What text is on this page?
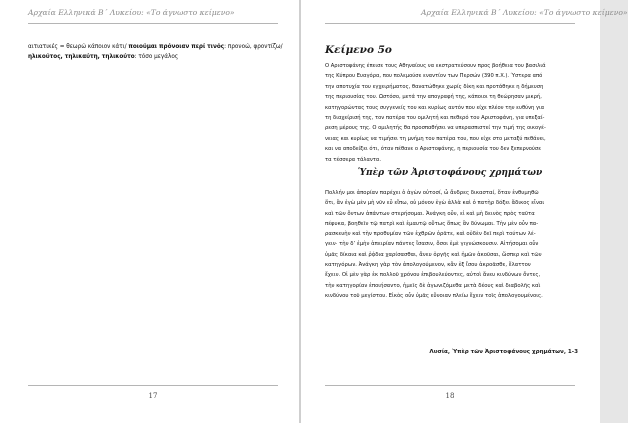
Αρχαία Ελληνικά Β΄ Λυκείου: «Το άγνωστο κείμενο»
αιτιατικές = θεωρώ κάποιον κάτι/ ποιούμαι πρόνοιαν περί τινός: προνοώ, φροντίζω/
ηλικούτος, τηλικαύτη, τηλικούτο: τόσο μεγάλος
17
Αρχαία Ελληνικά Β΄ Λυκείου: «Το άγνωστο κείμενο»
Κείμενο 5ο
Ο Αριστοφάνης έπεισε τους Αθηναίους να εκστρατεύσουν προς βοήθεια του βασιλιά
της Κύπρου Ευαγόρα, που πολεμούσε εναντίον των Περσών (390 π.Χ.). Ύστερα από
την αποτυχία του εγχειρήματος, θανατώθηκε χωρίς δίκη και προτάθηκε η δήμευση
της περιουσίας του. Ωστόσο, μετά την απογραφή της, κάποιοι τη θεώρησαν μικρή,
κατηγορώντας τους συγγενείς του και κυρίως αυτόν που είχε πλέον την ευθύνη για
τη διαχείρισή της, τον πατέρα του ομιλητή και πεθερό του Αριστοφάνη, για υπεξαί-
ρεση μέρους της. Ο ομιλητής θα προσπαθήσει να υπερασπιστεί την τιμή της οικογέ-
νειας και κυρίως να τιμήσει τη μνήμη του πατέρα του, που είχε στο μεταξύ πεθάνει,
και να αποδείξει ότι, όταν πέθανε ο Αριστοφάνης, η περιουσία του δεν ξεπερνούσε
τα τέσσερα τάλαντα.
Ὑπὲρ τῶν Ἀριστοφάνους χρημάτων
Πολλήν μοι ἀπορίαν παρέχει ὁ ἀγὼν οὑτοσί, ὦ ἄνδρες δικασταί, ὅταν ἐνθυμηθῶ
ὅτι, ἂν ἐγὼ μὲν μὴ νῦν εὖ εἴπω, οὐ μόνον ἐγὼ ἀλλὰ καὶ ὁ πατὴρ δόξει ἄδικος εἶναι
καὶ τῶν ὄντων ἁπάντων στερήσομαι. Ἀνάγκη οὖν, εἰ καὶ μὴ δεινὸς πρὸς ταῦτα
πέφυκα, βοηθεῖν τῷ πατρὶ καὶ ἐμαυτῷ οὕτως ὅπως ἂν δύνωμαι. Τὴν μὲν οὖν πα-
ρασκευὴν καὶ τὴν προθυμίαν τῶν ἐχθρῶν ὁρᾶτε, καὶ οὐδὲν δεῖ περὶ τούτων λέ-
γειν· τὴν δ’ ἐμὴν ἀπειρίαν πάντες ἴσασιν, ὅσοι ἐμὲ γιγνώσκουσιν. Αἰτήσομαι οὖν
ὑμᾶς δίκαια καὶ ῥᾴδια χαρίσασθαι, ἄνευ ὀργῆς καὶ ἡμῶν ἀκοῦσαι, ὥσπερ καὶ τῶν
κατηγόρων. Ἀνάγκη γὰρ τὸν ἀπολογούμενον, κἂν ἐξ ἴσου ἀκροᾶσθε, ἔλαττον
ἔχειν. Οἱ μὲν γὰρ ἐκ πολλοῦ χρόνου ἐπιβουλεύοντες, αὐτοὶ ἄνευ κινδύνων ὄντες,
τὴν κατηγορίαν ἐποιήσαντο, ἡμεῖς δὲ ἀγωνιζόμεθα μετὰ δέους καὶ διαβολῆς καὶ
κινδύνου τοῦ μεγίστου. Εἰκὸς οὖν ὑμᾶς εὔνοιαν πλείω ἔχειν τοῖς ἀπολογουμένοις.
Λυσία, Ὑπὲρ τῶν Ἀριστοφάνους χρημάτων, 1-3
18
